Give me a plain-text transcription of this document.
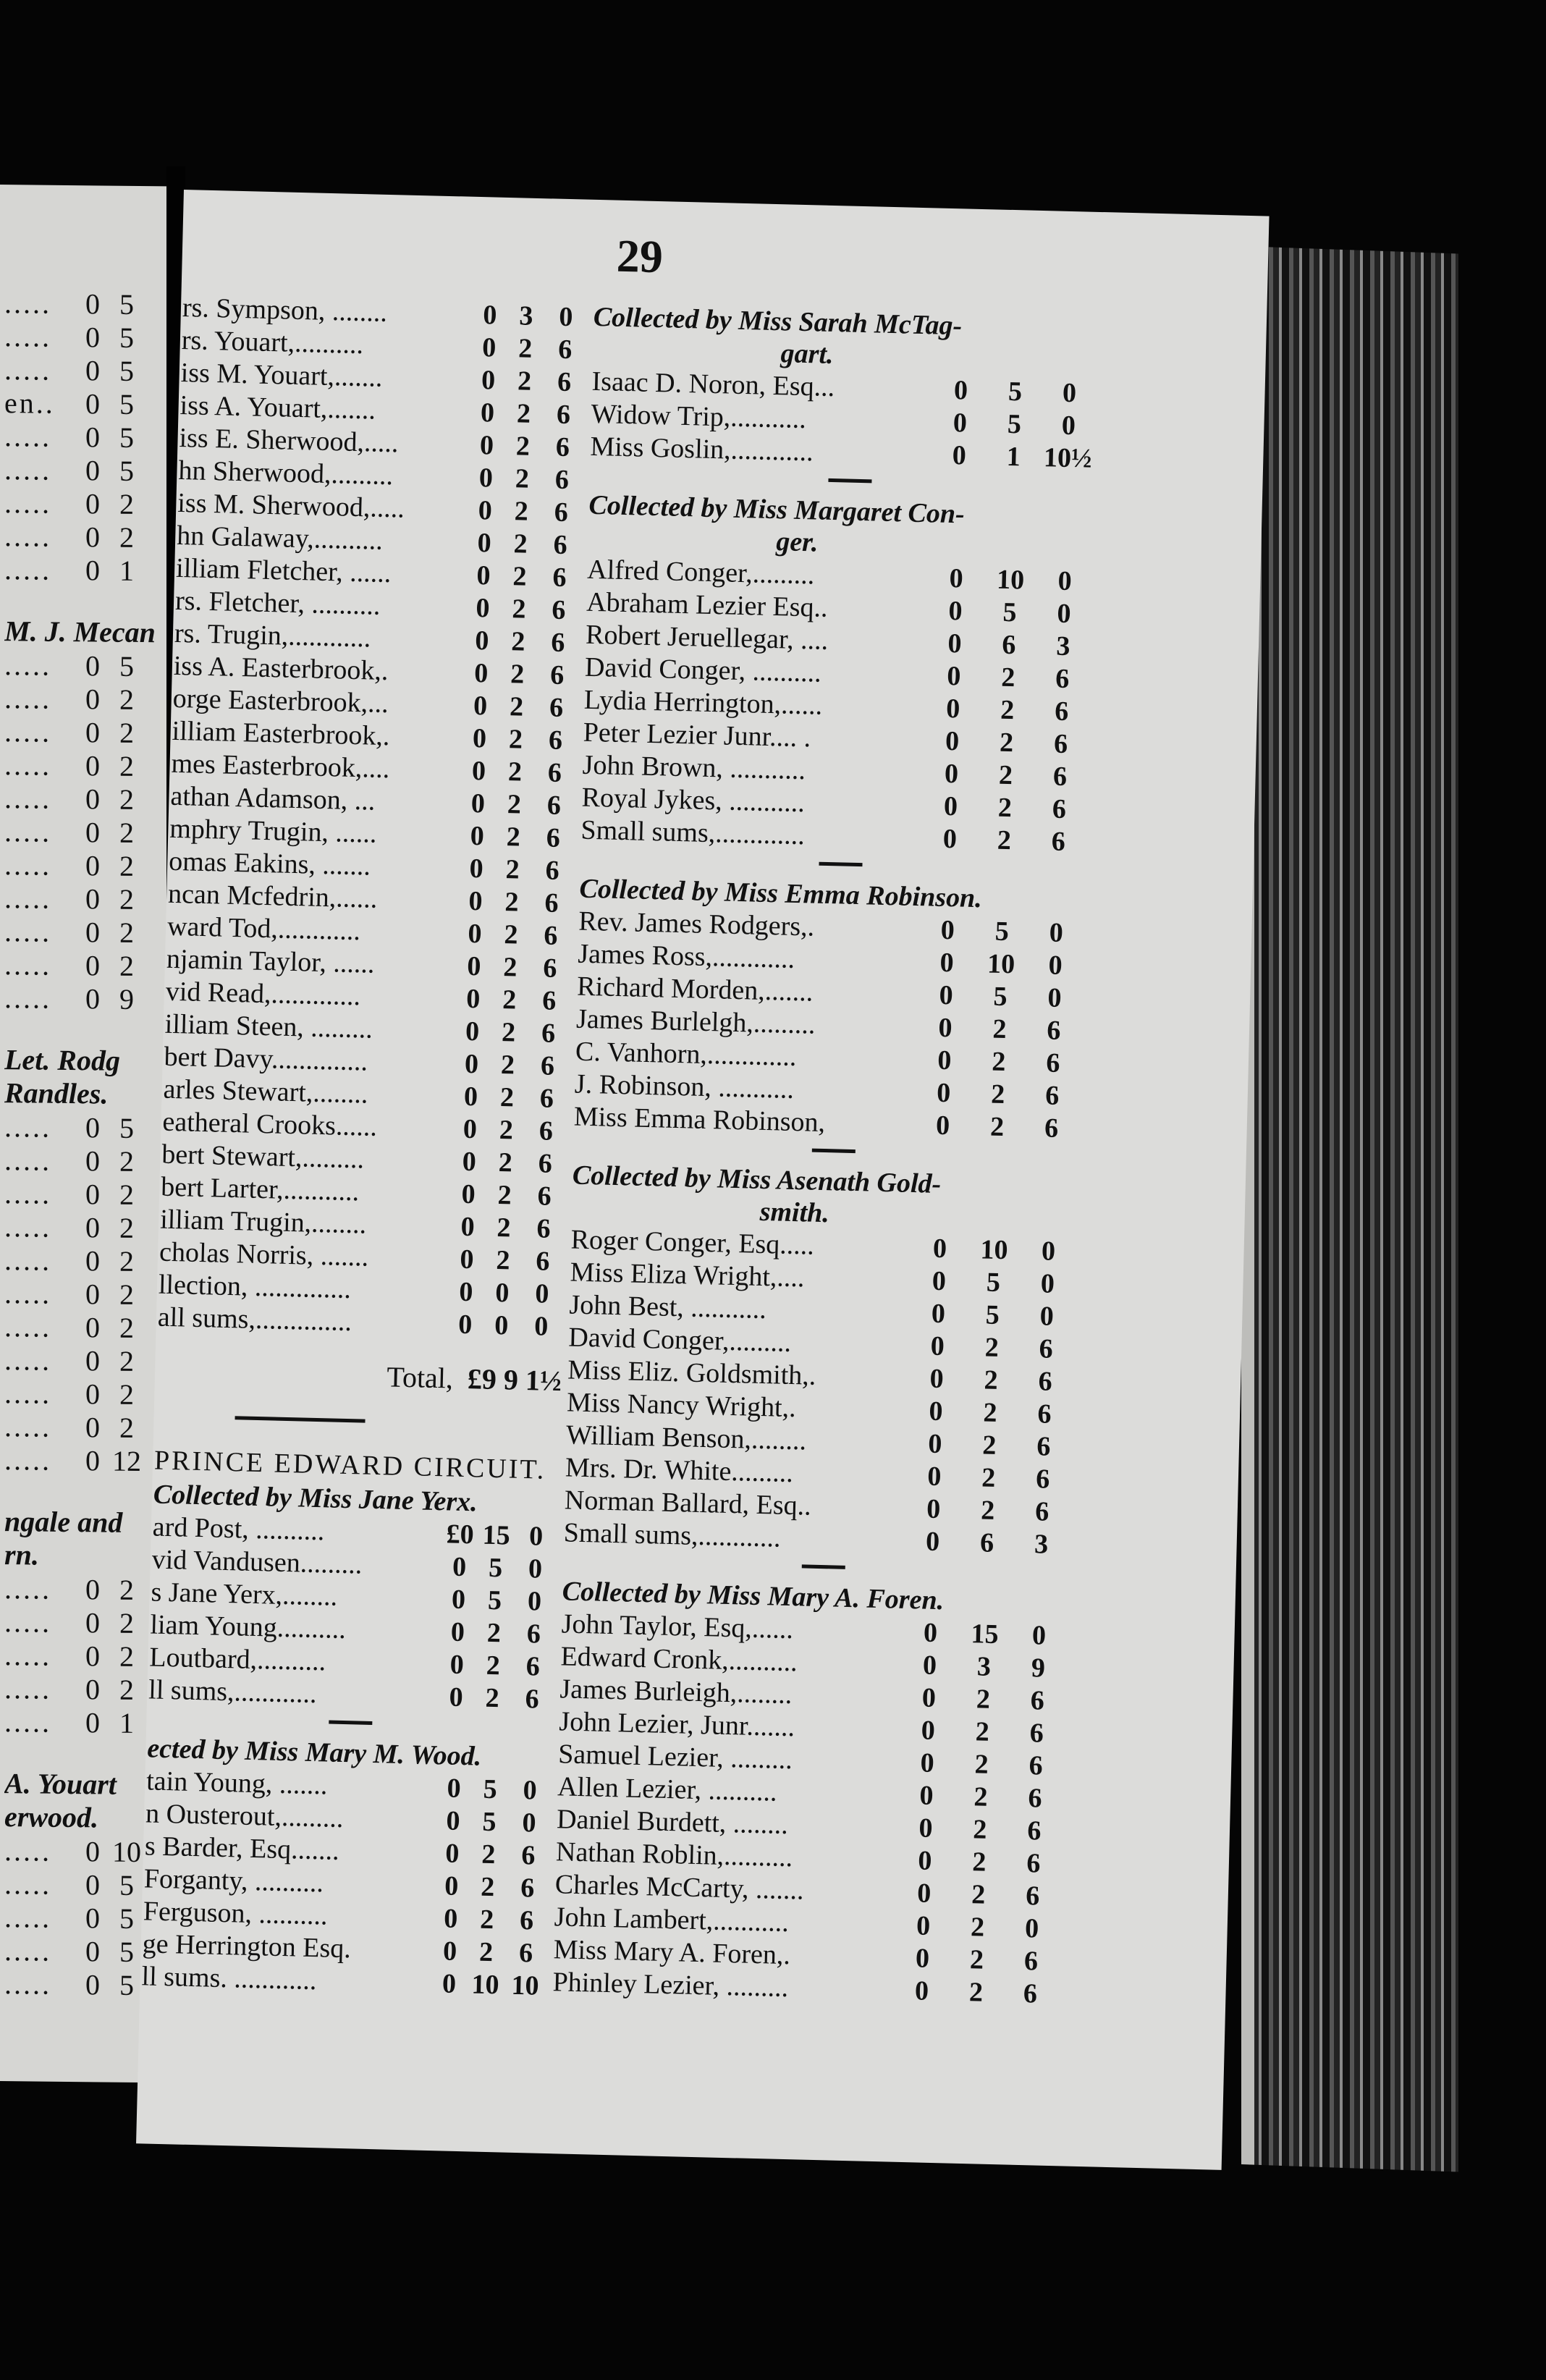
.....	0 5
.....	0 5
.....	0 5
en..	0 5
.....	0 5
.....	0 5
.....	0 2
.....	0 2
.....	0 1
M. J. Mecan
.....	0 5
.....	0 2
.....	0 2
.....	0 2
.....	0 2
.....	0 2
.....	0 2
.....	0 2
.....	0 2
.....	0 2
.....	0 9
Let. Rodg
Randles.
.....	0 5
.....	0 2
.....	0 2
.....	0 2
.....	0 2
.....	0 2
.....	0 2
.....	0 2
.....	0 2
.....	0 2
.....	0 12
ngale and
rn.
.....	0 2
.....	0 2
.....	0 2
.....	0 2
.....	0 1
A. Youart
erwood.
.....	0 10
.....	0 5
.....	0 5
.....	0 5
.....	0 5
29
rs. Sympson, ........	0 3 0
rs. Youart,..........	0 2 6
iss M. Youart,.......	0 2 6
iss A. Youart,.......	0 2 6
iss E. Sherwood,.....	0 2 6
hn Sherwood,.........	0 2 6
iss M. Sherwood,.....	0 2 6
hn Galaway,..........	0 2 6
illiam Fletcher, ......	0 2 6
rs. Fletcher, ..........	0 2 6
rs. Trugin,............	0 2 6
iss A. Easterbrook,.	0 2 6
orge Easterbrook,...	0 2 6
illiam Easterbrook,.	0 2 6
mes Easterbrook,....	0 2 6
athan Adamson, ...	0 2 6
mphry Trugin, ......	0 2 6
omas Eakins, .......	0 2 6
ncan Mcfedrin,......	0 2 6
ward Tod,............	0 2 6
njamin Taylor, ......	0 2 6
vid Read,.............	0 2 6
illiam Steen, .........	0 2 6
bert Davy..............	0 2 6
arles Stewart,........	0 2 6
eatheral Crooks......	0 2 6
bert Stewart,.........	0 2 6
bert Larter,...........	0 2 6
illiam Trugin,........	0 2 6
cholas Norris, .......	0 2 6
llection, ..............	0 0 0
all sums,..............	0 0 0
Total, £9 9 1½
PRINCE EDWARD CIRCUIT.
Collected by Miss Jane Yerx.
ard Post, ..........	£0 15 0
vid Vandusen.........	0 5 0
s Jane Yerx,........	0 5 0
liam Young..........	0 2 6
Loutbard,..........	0 2 6
ll sums,............	0 2 6
ected by Miss Mary M. Wood.
tain Young, .......	0 5 0
n Ousterout,.........	0 5 0
s Barder, Esq.......	0 2 6
Forganty, ..........	0 2 6
Ferguson, ..........	0 2 6
ge Herrington Esq.	0 2 6
ll sums. ............	0 10 10
Collected by Miss Sarah McTag-
gart.
Isaac D. Noron, Esq...	0	5	0
Widow Trip,...........	0	5	0
Miss Goslin,............	0	1 10½
Collected by Miss Margaret Con-
ger.
Alfred Conger,.........	0	10	0
Abraham Lezier Esq..	0	5	0
Robert Jeruellegar, ....	0	6	3
David Conger, ..........	0	2	6
Lydia Herrington,......	0	2	6
Peter Lezier Junr.... .	0	2	6
John Brown, ...........	0	2	6
Royal Jykes, ...........	0	2	6
Small sums,.............	0	2	6
Collected by Miss Emma Robinson.
Rev. James Rodgers,.	0	5	0
James Ross,............	0	10	0
Richard Morden,.......	0	5	0
James Burlelgh,.........	0	2	6
C. Vanhorn,.............	0	2	6
J. Robinson, ...........	0	2	6
Miss Emma Robinson,	0	2	6
Collected by Miss Asenath Gold-
smith.
Roger Conger, Esq.....	0	10	0
Miss Eliza Wright,....	0	5	0
John Best, ...........	0	5	0
David Conger,.........	0	2	6
Miss Eliz. Goldsmith,.	0	2	6
Miss Nancy Wright,.	0	2	6
William Benson,........	0	2	6
Mrs. Dr. White.........	0	2	6
Norman Ballard, Esq..	0	2	6
Small sums,............	0	6	3
Collected by Miss Mary A. Foren.
John Taylor, Esq,......	0	15	0
Edward Cronk,..........	0	3	9
James Burleigh,........	0	2	6
John Lezier, Junr.......	0	2	6
Samuel Lezier, .........	0	2	6
Allen Lezier, ..........	0	2	6
Daniel Burdett, ........	0	2	6
Nathan Roblin,..........	0	2	6
Charles McCarty, .......	0	2	6
John Lambert,...........	0	2	0
Miss Mary A. Foren,.	0	2	6
Phinley Lezier, .........	0	2	6
